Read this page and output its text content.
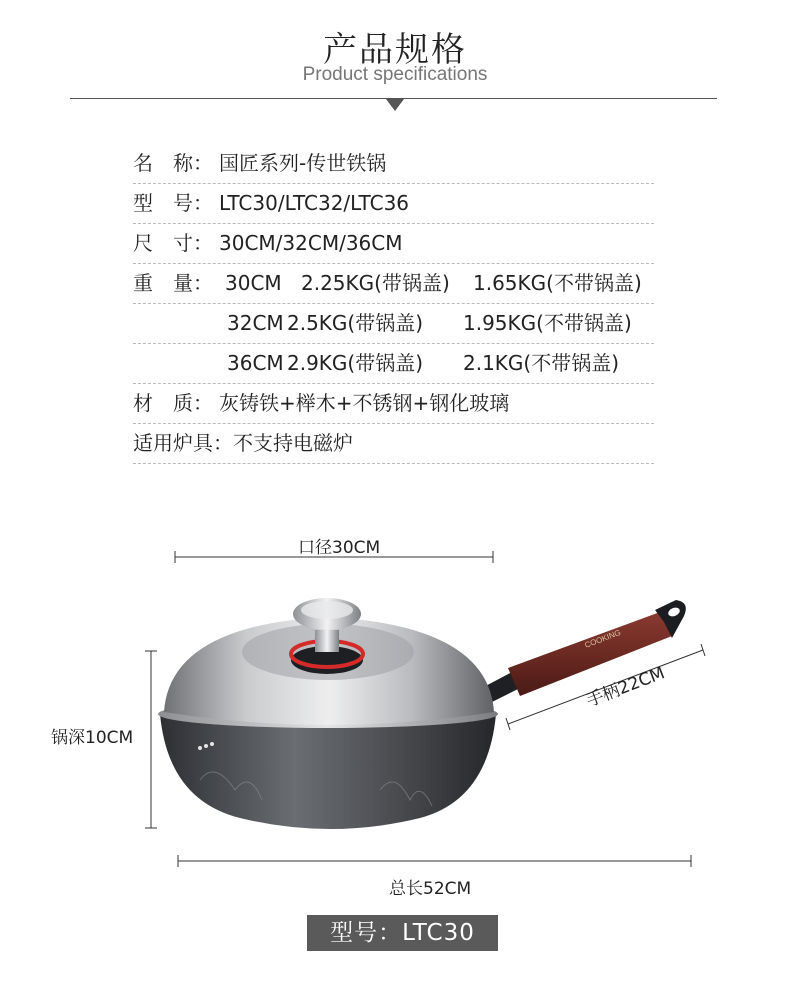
产品规格
Product specifications
名　称： 国匠系列-传世铁锅
型　号： LTC30/LTC32/LTC36
尺　寸： 30CM/32CM/36CM
重　量： 30CM 2.25KG(带锅盖) 1.65KG(不带锅盖)
32CM 2.5KG(带锅盖) 1.95KG(不带锅盖)
36CM 2.9KG(带锅盖) 2.1KG(不带锅盖)
材　质： 灰铸铁+榉木+不锈钢+钢化玻璃
适用炉具：不支持电磁炉
COOKING
口径30CM
锅深10CM
手柄22CM
总长52CM
型号：LTC30
